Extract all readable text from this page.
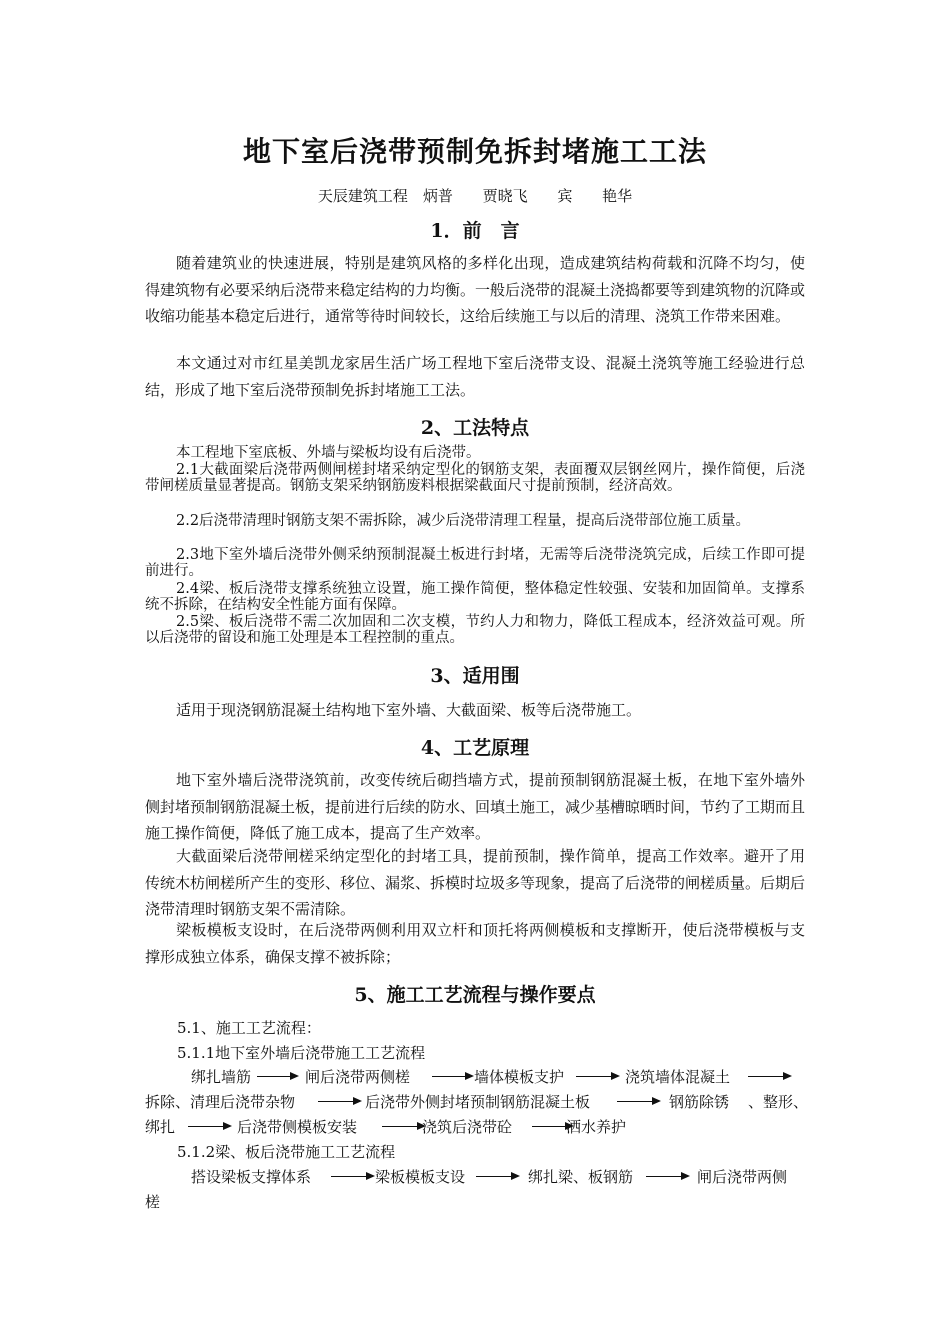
地下室后浇带预制免拆封堵施工工法
天辰建筑工程　炳普　 贾晓飞　 宾　 艳华
1．前　言
随着建筑业的快速进展，特别是建筑风格的多样化出现，造成建筑结构荷载和沉降不均匀，使得建筑物有必要采纳后浇带来稳定结构的力均衡。一般后浇带的混凝土浇捣都要等到建筑物的沉降或收缩功能基本稳定后进行，通常等待时间较长，这给后续施工与以后的清理、浇筑工作带来困难。
本文通过对市红星美凯龙家居生活广场工程地下室后浇带支设、混凝土浇筑等施工经验进行总结，形成了地下室后浇带预制免拆封堵施工工法。
2、工法特点
本工程地下室底板、外墙与梁板均设有后浇带。
2.1大截面梁后浇带两侧闸槎封堵采纳定型化的钢筋支架，表面覆双层钢丝网片，操作简便，后浇带闸槎质量显著提高。钢筋支架采纳钢筋废料根据梁截面尺寸提前预制，经济高效。
2.2后浇带清理时钢筋支架不需拆除，减少后浇带清理工程量，提高后浇带部位施工质量。
2.3地下室外墙后浇带外侧采纳预制混凝土板进行封堵，无需等后浇带浇筑完成，后续工作即可提前进行。
2.4梁、板后浇带支撑系统独立设置，施工操作简便，整体稳定性较强、安装和加固简单。支撑系统不拆除，在结构安全性能方面有保障。
2.5梁、板后浇带不需二次加固和二次支模，节约人力和物力，降低工程成本，经济效益可观。所以后浇带的留设和施工处理是本工程控制的重点。
3、适用围
适用于现浇钢筋混凝土结构地下室外墙、大截面梁、板等后浇带施工。
4、工艺原理
地下室外墙后浇带浇筑前，改变传统后砌挡墙方式，提前预制钢筋混凝土板，在地下室外墙外侧封堵预制钢筋混凝土板，提前进行后续的防水、回填土施工，减少基槽晾晒时间，节约了工期而且施工操作简便，降低了施工成本，提高了生产效率。
大截面梁后浇带闸槎采纳定型化的封堵工具，提前预制，操作简单，提高工作效率。避开了用传统木枋闸槎所产生的变形、移位、漏浆、拆模时垃圾多等现象，提高了后浇带的闸槎质量。后期后浇带清理时钢筋支架不需清除。
梁板模板支设时，在后浇带两侧利用双立杆和顶托将两侧模板和支撑断开，使后浇带模板与支撑形成独立体系，确保支撑不被拆除；
5、施工工艺流程与操作要点
5.1、施工工艺流程：
5.1.1地下室外墙后浇带施工工艺流程
绑扎墙筋	闸后浇带两侧槎	墙体模板支护	浇筑墙体混凝土
拆除、清理后浇带杂物	后浇带外侧封堵预制钢筋混凝土板	钢筋除锈 、整形、
绑扎	后浇带侧模板安装	浇筑后浇带砼	洒水养护
5.1.2梁、板后浇带施工工艺流程
搭设梁板支撑体系	梁板模板支设	绑扎梁、板钢筋	闸后浇带两侧
槎
